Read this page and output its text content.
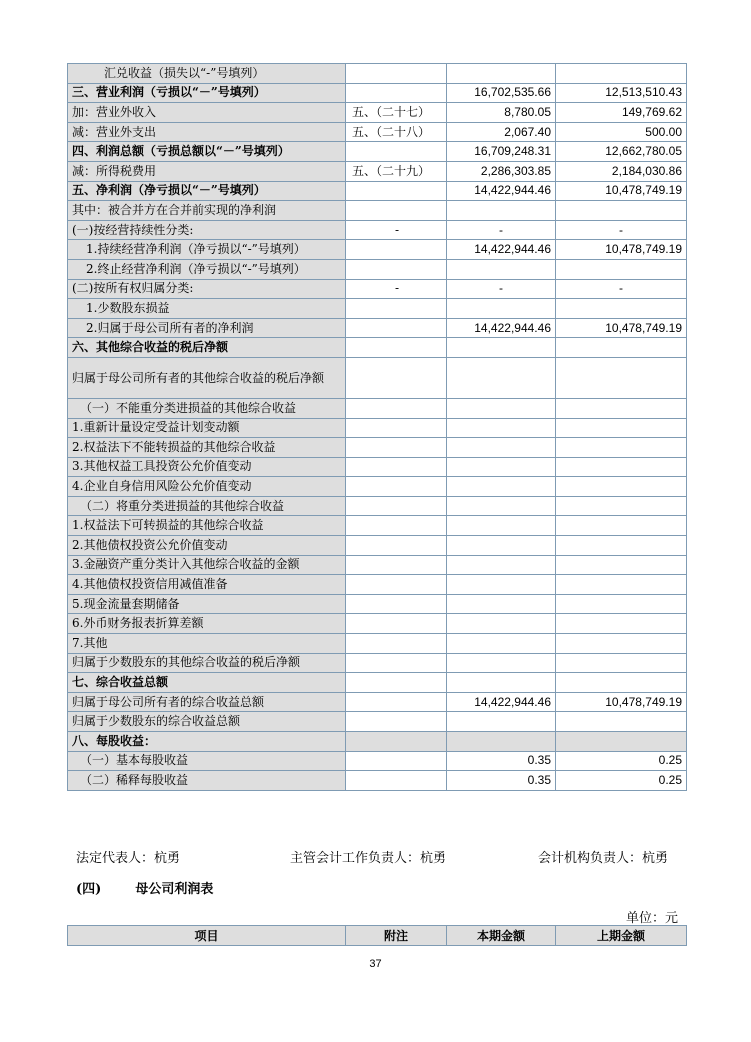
汇兑收益（损失以“-”号填列）			
三、营业利润（亏损以“－”号填列）		16,702,535.66	12,513,510.43
加：营业外收入	五、（二十七）	8,780.05	149,769.62
减：营业外支出	五、（二十八）	2,067.40	500.00
四、利润总额（亏损总额以“－”号填列）		16,709,248.31	12,662,780.05
减：所得税费用	五、（二十九）	2,286,303.85	2,184,030.86
五、净利润（净亏损以“－”号填列）		14,422,944.46	10,478,749.19
其中：被合并方在合并前实现的净利润			
(一)按经营持续性分类:	-	-	-
1.持续经营净利润（净亏损以“-”号填列）		14,422,944.46	10,478,749.19
2.终止经营净利润（净亏损以“-”号填列）			
(二)按所有权归属分类:	-	-	-
1.少数股东损益			
2.归属于母公司所有者的净利润		14,422,944.46	10,478,749.19
六、其他综合收益的税后净额			
归属于母公司所有者的其他综合收益的税后净额			
（一）不能重分类进损益的其他综合收益			
1.重新计量设定受益计划变动额			
2.权益法下不能转损益的其他综合收益			
3.其他权益工具投资公允价值变动			
4.企业自身信用风险公允价值变动			
（二）将重分类进损益的其他综合收益			
1.权益法下可转损益的其他综合收益			
2.其他债权投资公允价值变动			
3.金融资产重分类计入其他综合收益的金额			
4.其他债权投资信用减值准备			
5.现金流量套期储备			
6.外币财务报表折算差额			
7.其他			
归属于少数股东的其他综合收益的税后净额			
七、综合收益总额			
归属于母公司所有者的综合收益总额		14,422,944.46	10,478,749.19
归属于少数股东的综合收益总额			
八、每股收益：			
（一）基本每股收益		0.35	0.25
（二）稀释每股收益		0.35	0.25
法定代表人：杭勇	主管会计工作负责人：杭勇	会计机构负责人：杭勇
(四)	母公司利润表
单位：元
项目	附注	本期金额	上期金额
37
